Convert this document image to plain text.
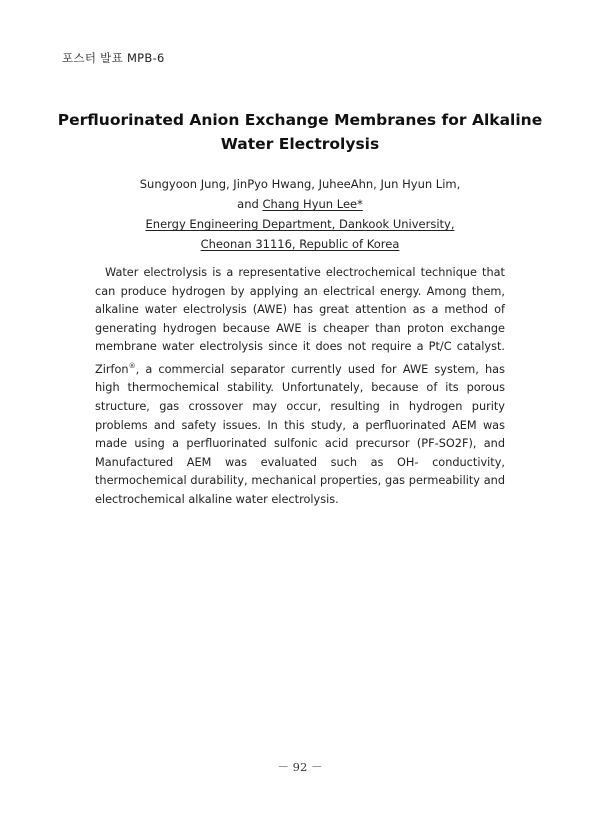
포스터 발표 MPB-6
Perfluorinated Anion Exchange Membranes for Alkaline
Water Electrolysis
Sungyoon Jung, JinPyo Hwang, JuheeAhn, Jun Hyun Lim,
and Chang Hyun Lee*
Energy Engineering Department, Dankook University,
Cheonan 31116, Republic of Korea

Water electrolysis is a representative electrochemical technique that can produce hydrogen by applying an electrical energy. Among them, alkaline water electrolysis (AWE) has great attention as a method of generating hydrogen because AWE is cheaper than proton exchange membrane water electrolysis since it does not require a Pt/C catalyst. Zirfon®, a commercial separator currently used for AWE system, has high thermochemical stability. Unfortunately, because of its porous structure, gas crossover may occur, resulting in hydrogen purity problems and safety issues. In this study, a perfluorinated AEM was made using a perfluorinated sulfonic acid precursor (PF-SO2F), and Manufactured AEM was evaluated such as OH- conductivity, thermochemical durability, mechanical properties, gas permeability and electrochemical alkaline water electrolysis.

－ 92 －
